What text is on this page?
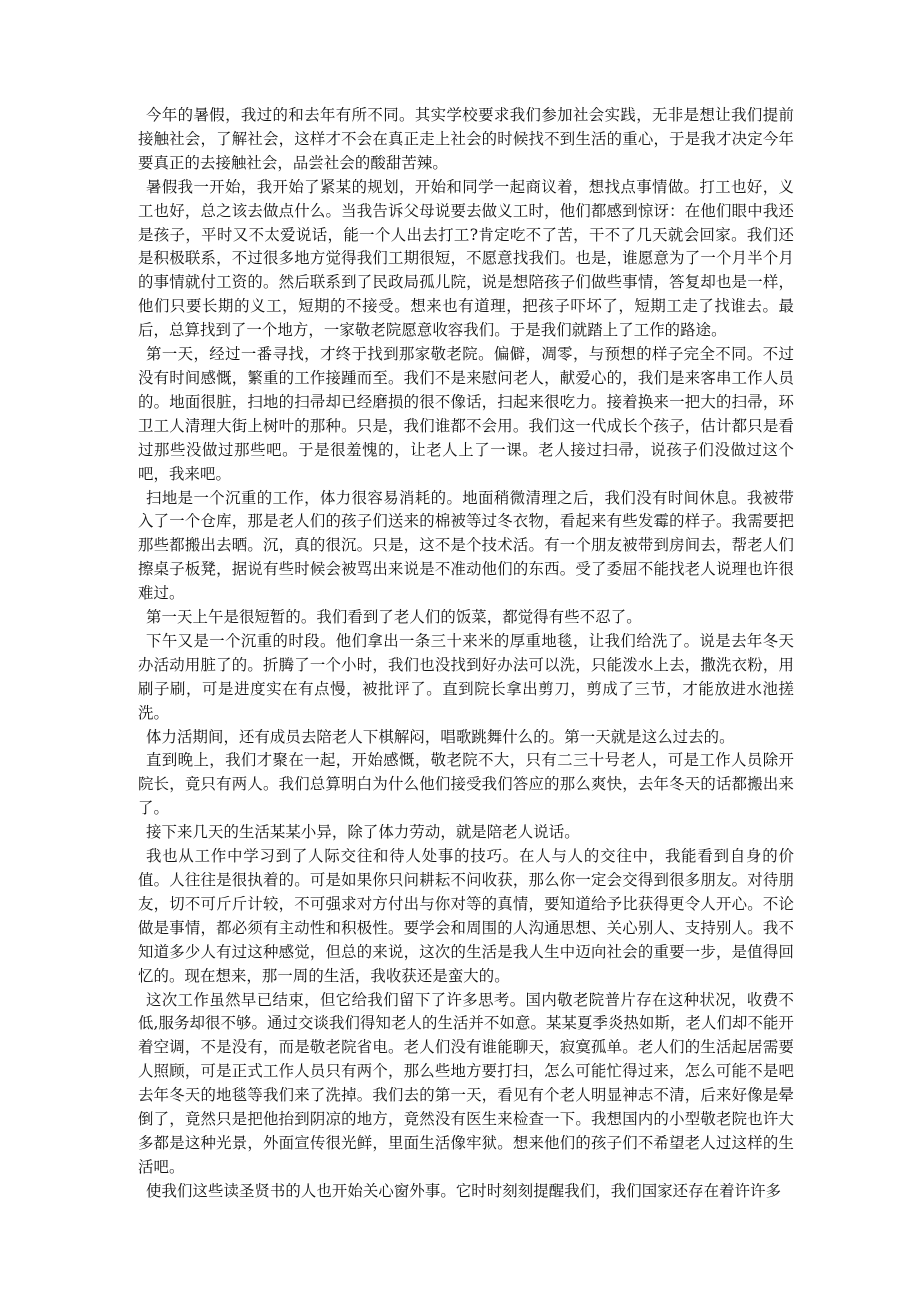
今年的暑假，我过的和去年有所不同。其实学校要求我们参加社会实践，无非是想让我们提前接触社会，了解社会，这样才不会在真正走上社会的时候找不到生活的重心，于是我才决定今年要真正的去接触社会，品尝社会的酸甜苦辣。

暑假我一开始，我开始了紧某的规划，开始和同学一起商议着，想找点事情做。打工也好，义工也好，总之该去做点什么。当我告诉父母说要去做义工时，他们都感到惊讶：在他们眼中我还是孩子，平时又不太爱说话，能一个人出去打工?肯定吃不了苦，干不了几天就会回家。我们还是积极联系，不过很多地方觉得我们工期很短，不愿意找我们。也是，谁愿意为了一个月半个月的事情就付工资的。然后联系到了民政局孤儿院，说是想陪孩子们做些事情，答复却也是一样，他们只要长期的义工，短期的不接受。想来也有道理，把孩子吓坏了，短期工走了找谁去。最后，总算找到了一个地方，一家敬老院愿意收容我们。于是我们就踏上了工作的路途。

第一天，经过一番寻找，才终于找到那家敬老院。偏僻，凋零，与预想的样子完全不同。不过没有时间感慨，繁重的工作接踵而至。我们不是来慰问老人，献爱心的，我们是来客串工作人员的。地面很脏，扫地的扫帚却已经磨损的很不像话，扫起来很吃力。接着换来一把大的扫帚，环卫工人清理大街上树叶的那种。只是，我们谁都不会用。我们这一代成长个孩子，估计都只是看过那些没做过那些吧。于是很羞愧的，让老人上了一课。老人接过扫帚，说孩子们没做过这个吧，我来吧。

扫地是一个沉重的工作，体力很容易消耗的。地面稍微清理之后，我们没有时间休息。我被带入了一个仓库，那是老人们的孩子们送来的棉被等过冬衣物，看起来有些发霉的样子。我需要把那些都搬出去晒。沉，真的很沉。只是，这不是个技术活。有一个朋友被带到房间去，帮老人们擦桌子板凳，据说有些时候会被骂出来说是不准动他们的东西。受了委屈不能找老人说理也许很难过。

第一天上午是很短暂的。我们看到了老人们的饭菜，都觉得有些不忍了。

下午又是一个沉重的时段。他们拿出一条三十来米的厚重地毯，让我们给洗了。说是去年冬天办活动用脏了的。折腾了一个小时，我们也没找到好办法可以洗，只能泼水上去，撒洗衣粉，用刷子刷，可是进度实在有点慢，被批评了。直到院长拿出剪刀，剪成了三节，才能放进水池搓洗。

体力活期间，还有成员去陪老人下棋解闷，唱歌跳舞什么的。第一天就是这么过去的。

直到晚上，我们才聚在一起，开始感慨，敬老院不大，只有二三十号老人，可是工作人员除开院长，竟只有两人。我们总算明白为什么他们接受我们答应的那么爽快，去年冬天的话都搬出来了。

接下来几天的生活某某小异，除了体力劳动，就是陪老人说话。

我也从工作中学习到了人际交往和待人处事的技巧。在人与人的交往中，我能看到自身的价值。人往往是很执着的。可是如果你只问耕耘不问收获，那么你一定会交得到很多朋友。对待朋友，切不可斤斤计较，不可强求对方付出与你对等的真情，要知道给予比获得更令人开心。不论做是事情，都必须有主动性和积极性。要学会和周围的人沟通思想、关心别人、支持别人。我不知道多少人有过这种感觉，但总的来说，这次的生活是我人生中迈向社会的重要一步，是值得回忆的。现在想来，那一周的生活，我收获还是蛮大的。

这次工作虽然早已结束，但它给我们留下了许多思考。国内敬老院普片存在这种状况，收费不低,服务却很不够。通过交谈我们得知老人的生活并不如意。某某夏季炎热如斯，老人们却不能开着空调，不是没有，而是敬老院省电。老人们没有谁能聊天，寂寞孤单。老人们的生活起居需要人照顾，可是正式工作人员只有两个，那么些地方要打扫，怎么可能忙得过来，怎么可能不是吧去年冬天的地毯等我们来了洗掉。我们去的第一天，看见有个老人明显神志不清，后来好像是晕倒了，竟然只是把他抬到阴凉的地方，竟然没有医生来检查一下。我想国内的小型敬老院也许大多都是这种光景，外面宣传很光鲜，里面生活像牢狱。想来他们的孩子们不希望老人过这样的生活吧。

使我们这些读圣贤书的人也开始关心窗外事。它时时刻刻提醒我们，我们国家还存在着许许多
